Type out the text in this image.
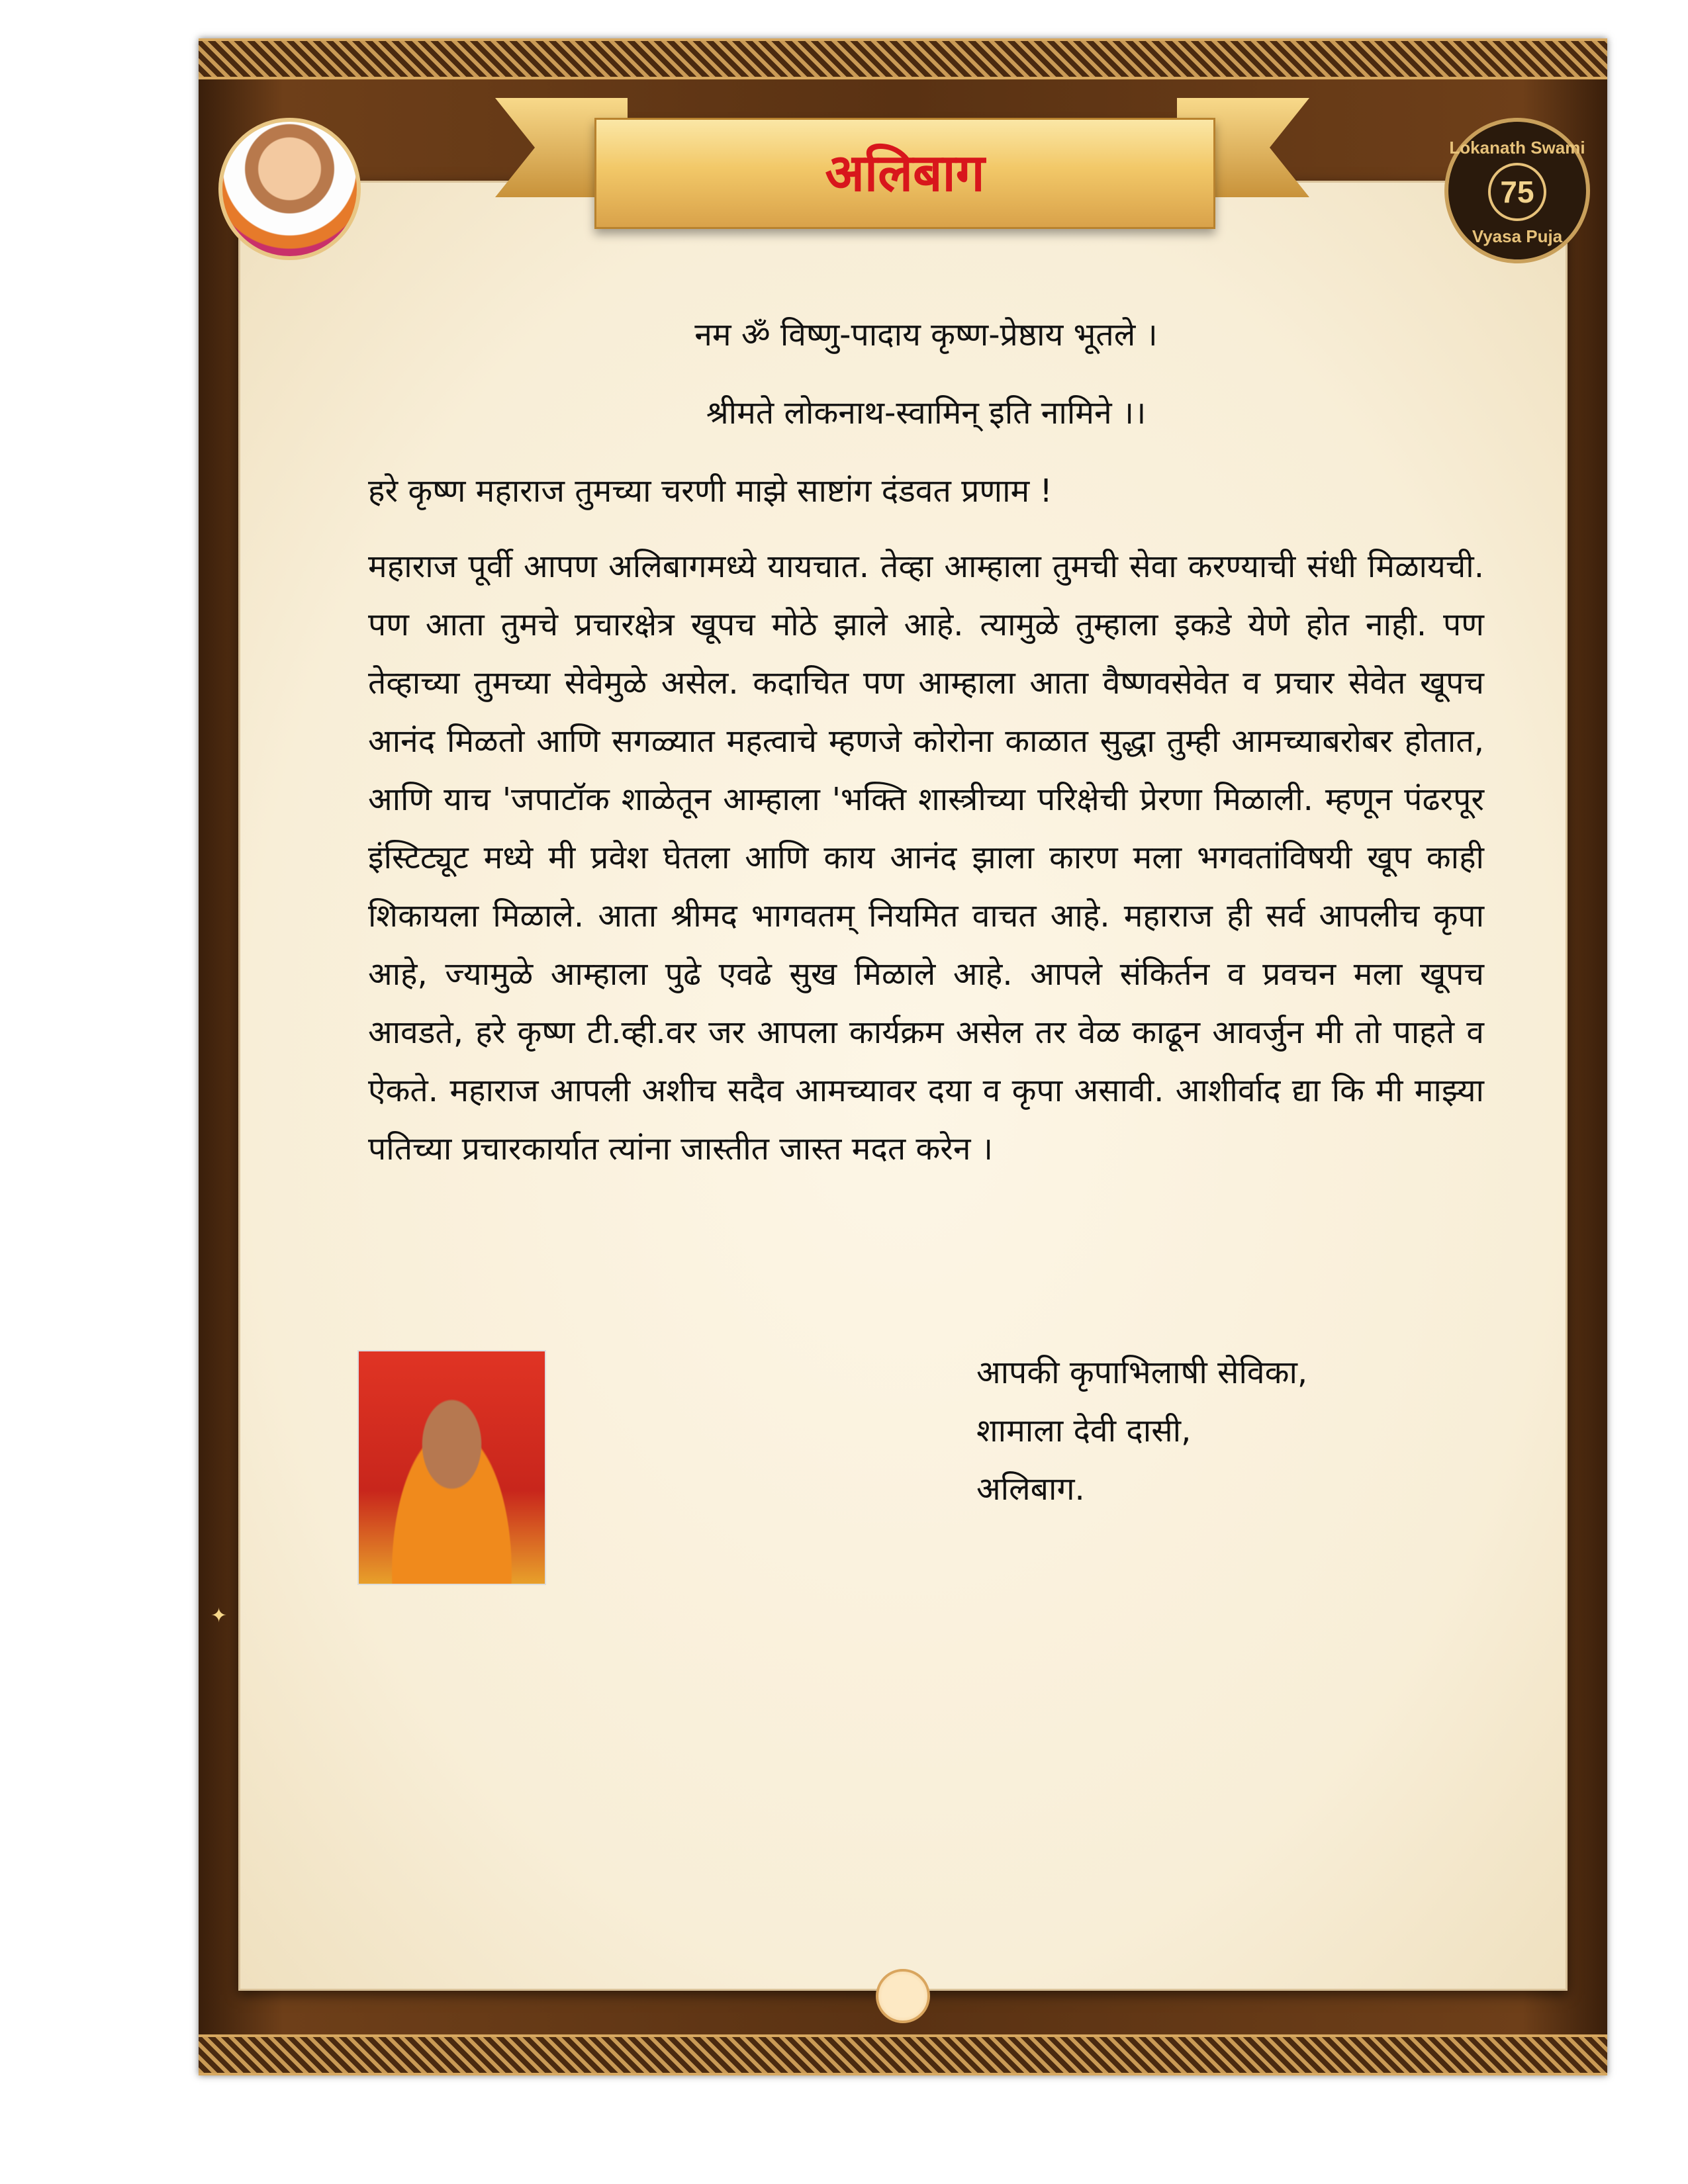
Lokanath Swami
75
Vyasa Puja
अलिबाग

नम ॐ विष्णु-पादाय कृष्ण-प्रेष्ठाय भूतले ।

श्रीमते लोकनाथ-स्वामिन् इति नामिने ।।

हरे कृष्ण महाराज तुमच्या चरणी माझे साष्टांग दंडवत प्रणाम !

महाराज पूर्वी आपण अलिबागमध्ये यायचात. तेव्हा आम्हाला तुमची सेवा करण्याची संधी मिळायची. पण आता तुमचे प्रचारक्षेत्र खूपच मोठे झाले आहे. त्यामुळे तुम्हाला इकडे येणे होत नाही. पण तेव्हाच्या तुमच्या सेवेमुळे असेल. कदाचित पण आम्हाला आता वैष्णवसेवेत व प्रचार सेवेत खूपच आनंद मिळतो आणि सगळ्यात महत्वाचे म्हणजे कोरोना काळात सुद्धा तुम्ही आमच्याबरोबर होतात, आणि याच 'जपाटॉक शाळेतून आम्हाला 'भक्ति शास्त्रीच्या परिक्षेची प्रेरणा मिळाली. म्हणून पंढरपूर इंस्टिट्यूट मध्ये मी प्रवेश घेतला आणि काय आनंद झाला कारण मला भगवतांविषयी खूप काही शिकायला मिळाले. आता श्रीमद भागवतम् नियमित वाचत आहे. महाराज ही सर्व आपलीच कृपा आहे, ज्यामुळे आम्हाला पुढे एवढे सुख मिळाले आहे. आपले संकिर्तन व प्रवचन मला खूपच आवडते, हरे कृष्ण टी.व्ही.वर जर आपला कार्यक्रम असेल तर वेळ काढून आवर्जुन मी तो पाहते व ऐकते. महाराज आपली अशीच सदैव आमच्यावर दया व कृपा असावी. आशीर्वाद द्या कि मी माझ्या पतिच्या प्रचारकार्यात त्यांना जास्तीत जास्त मदत करेन ।

आपकी कृपाभिलाषी सेविका,
शामाला देवी दासी,
अलिबाग.
✦
